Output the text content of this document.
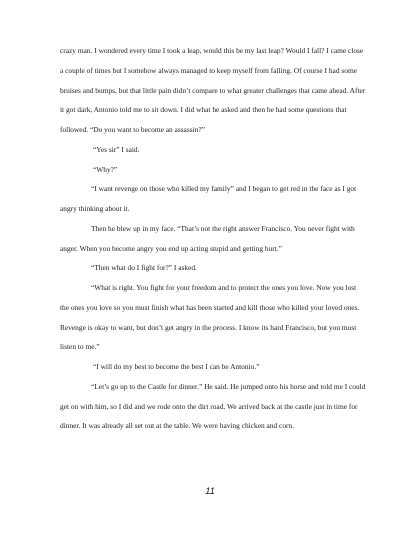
crazy man. I wondered every time I took a leap, would this be my last leap? Would I fall? I came close a couple of times but I somehow always managed to keep myself from falling. Of course I had some bruises and bumps, but that little pain didn’t compare to what greater challenges that came ahead. After it got dark, Antonio told me to sit down. I did what he asked and then he had some questions that followed. “Do you want to become an assassin?”

“Yes sir” I said.

“Why?”

“I want revenge on those who killed my family” and I began to get red in the face as I got angry thinking about it.

Then he blew up in my face. “That’s not the right answer Francisco. You never fight with anger. When you become angry you end up acting stupid and getting hurt.”

“Then what do I fight for?” I asked.

“What is right. You fight for your freedom and to protect the ones you love. Now you lost the ones you love so you must finish what has been started and kill those who killed your loved ones. Revenge is okay to want, but don’t get angry in the process. I know its hard Francisco, but you must listen to me.”

“I will do my best to become the best I can be Antonio.”

“Let’s go up to the Castle for dinner.” He said. He jumped onto his horse and told me I could get on with him, so I did and we rode onto the dirt road. We arrived back at the castle just in time for dinner. It was already all set out at the table. We were having chicken and corn.

11
